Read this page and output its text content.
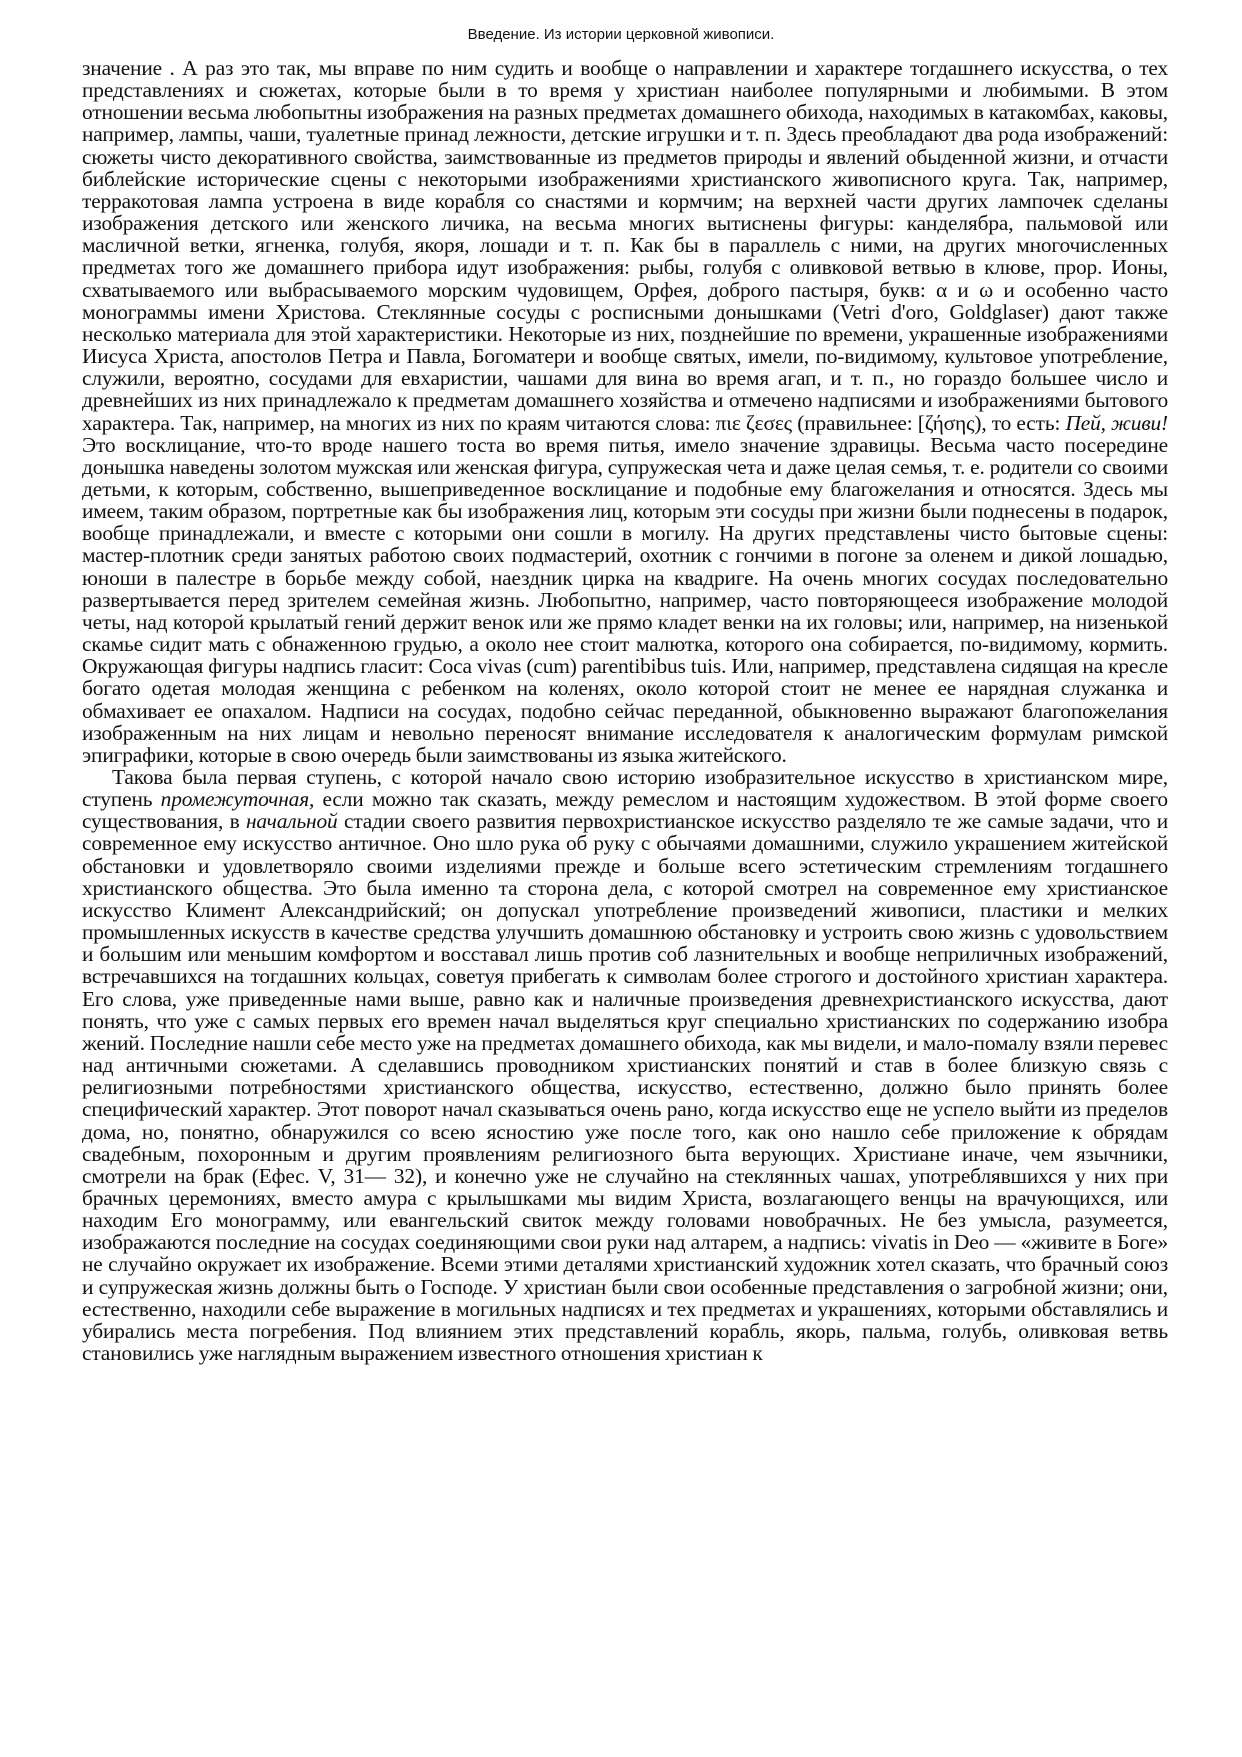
Введение. Из истории церковной живописи.

значение . А раз это так, мы вправе по ним судить и вообще о направлении и характере тогдашнего искусства, о тех представлениях и сюжетах, которые были в то время у христиан наиболее популярными и любимыми. В этом отношении весьма любопытны изображения на разных предметах домашнего обихода, находимых в катакомбах, каковы, например, лампы, чаши, туалетные принад лежности, детские игрушки и т. п. Здесь преобладают два рода изображений: сюжеты чисто декоративного свойства, заимствованные из предметов природы и явлений обыденной жизни, и отчасти библейские исторические сцены с некоторыми изображениями христианского живописного круга. Так, например, терракотовая лампа устроена в виде корабля со снастями и кормчим; на верхней части других лампочек сделаны изображения детского или женского личика, на весьма многих вытиснены фигуры: канделябра, пальмовой или масличной ветки, ягненка, голубя, якоря, лошади и т. п. Как бы в параллель с ними, на других многочисленных предметах того же домашнего прибора идут изображения: рыбы, голубя с оливковой ветвью в клюве, прор. Ионы, схватываемого или выбрасываемого морским чудовищем, Орфея, доброго пастыря, букв: α и ω и особенно часто монограммы имени Христова. Стеклянные сосуды с росписными донышками (Vetri d'oro, Goldglaser) дают также несколько материала для этой характеристики. Некоторые из них, позднейшие по времени, украшенные изображениями Иисуса Христа, апостолов Петра и Павла, Богоматери и вообще святых, имели, по-видимому, культовое употребление, служили, вероятно, сосудами для евхаристии, чашами для вина во время агап, и т. п., но гораздо большее число и древнейших из них принадлежало к предметам домашнего хозяйства и отмечено надписями и изображениями бытового характера. Так, например, на многих из них по краям читаются слова: πιε ζεσες (правильнее: [ζήσης), то есть: Пей, живи! Это восклицание, что-то вроде нашего тоста во время питья, имело значение здравицы. Весьма часто посередине донышка наведены золотом мужская или женская фигура, супружеская чета и даже целая семья, т. е. родители со своими детьми, к которым, собственно, вышеприведенное восклицание и подобные ему благожелания и относятся. Здесь мы имеем, таким образом, портретные как бы изображения лиц, которым эти сосуды при жизни были поднесены в подарок, вообще принадлежали, и вместе с которыми они сошли в могилу. На других представлены чисто бытовые сцены: мастер-плотник среди занятых работою своих подмастерий, охотник с гончими в погоне за оленем и дикой лошадью, юноши в палестре в борьбе между собой, наездник цирка на квадриге. На очень многих сосудах последовательно развертывается перед зрителем семейная жизнь. Любопытно, например, часто повторяющееся изображение молодой четы, над которой крылатый гений держит венок или же прямо кладет венки на их головы; или, например, на низенькой скамье сидит мать с обнаженною грудью, а около нее стоит малютка, которого она собирается, по-видимому, кормить. Окружающая фигуры надпись гласит: Coca vivas (cum) parentibibus tuis. Или, например, представлена сидящая на кресле богато одетая молодая женщина с ребенком на коленях, около которой стоит не менее ее нарядная служанка и обмахивает ее опахалом. Надписи на сосудах, подобно сейчас переданной, обыкновенно выражают благопожелания изображенным на них лицам и невольно переносят внимание исследователя к аналогическим формулам римской эпиграфики, которые в свою очередь были заимствованы из языка житейского.

Такова была первая ступень, с которой начало свою историю изобразительное искусство в христианском мире, ступень промежуточная, если можно так сказать, между ремеслом и настоящим художеством. В этой форме своего существования, в начальной стадии своего развития первохристианское искусство разделяло те же самые задачи, что и современное ему искусство античное. Оно шло рука об руку с обычаями домашними, служило украшением житейской обстановки и удовлетворяло своими изделиями прежде и больше всего эстетическим стремлениям тогдашнего христианского общества. Это была именно та сторона дела, с которой смотрел на современное ему христианское искусство Климент Александрийский; он допускал употребление произведений живописи, пластики и мелких промышленных искусств в качестве средства улучшить домашнюю обстановку и устроить свою жизнь с удовольствием и большим или меньшим комфортом и восставал лишь против соб лазнительных и вообще неприличных изображений, встречавшихся на тогдашних кольцах, советуя прибегать к символам более строгого и достойного христиан характера. Его слова, уже приведенные нами выше, равно как и наличные произведения древнехристианского искусства, дают понять, что уже с самых первых его времен начал выделяться круг специально христианских по содержанию изобра жений. Последние нашли себе место уже на предметах домашнего обихода, как мы видели, и мало-помалу взяли перевес над античными сюжетами. А сделавшись проводником христианских понятий и став в более близкую связь с религиозными потребностями христианского общества, искусство, естественно, должно было принять более специфический характер. Этот поворот начал сказываться очень рано, когда искусство еще не успело выйти из пределов дома, но, понятно, обнаружился со всею ясностию уже после того, как оно нашло себе приложение к обрядам свадебным, похоронным и другим проявлениям религиозного быта верующих. Христиане иначе, чем язычники, смотрели на брак (Ефес. V, 31— 32), и конечно уже не случайно на стеклянных чашах, употреблявшихся у них при брачных церемониях, вместо амура с крылышками мы видим Христа, возлагающего венцы на врачующихся, или находим Его монограмму, или евангельский свиток между головами новобрачных. Не без умысла, разумеется, изображаются последние на сосудах соединяющими свои руки над алтарем, а надпись: vivatis in Deo — «живите в Боге» не случайно окружает их изображение. Всеми этими деталями христианский художник хотел сказать, что брачный союз и супружеская жизнь должны быть о Господе. У христиан были свои особенные представления о загробной жизни; они, естественно, находили себе выражение в могильных надписях и тех предметах и украшениях, которыми обставлялись и убирались места погребения. Под влиянием этих представлений корабль, якорь, пальма, голубь, оливковая ветвь становились уже наглядным выражением известного отношения христиан к
